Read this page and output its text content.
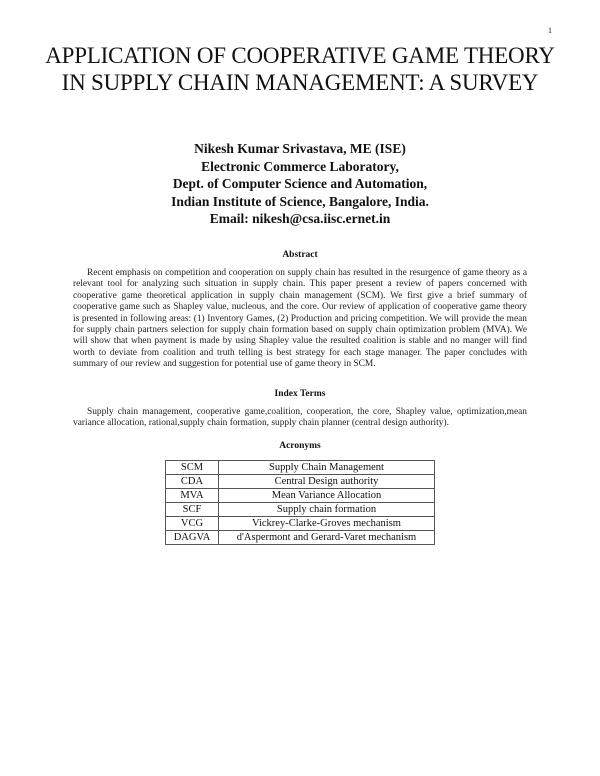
1
APPLICATION OF COOPERATIVE GAME THEORY IN SUPPLY CHAIN MANAGEMENT: A SURVEY
Nikesh Kumar Srivastava, ME (ISE)
Electronic Commerce Laboratory,
Dept. of Computer Science and Automation,
Indian Institute of Science, Bangalore, India.
Email: nikesh@csa.iisc.ernet.in
Abstract
Recent emphasis on competition and cooperation on supply chain has resulted in the resurgence of game theory as a relevant tool for analyzing such situation in supply chain. This paper present a review of papers concerned with cooperative game theoretical application in supply chain management (SCM). We first give a brief summary of cooperative game such as Shapley value, nucleous, and the core. Our review of application of cooperative game theory is presented in following areas: (1) Inventory Games, (2) Production and pricing competition. We will provide the mean for supply chain partners selection for supply chain formation based on supply chain optimization problem (MVA). We will show that when payment is made by using Shapley value the resulted coalition is stable and no manger will find worth to deviate from coalition and truth telling is best strategy for each stage manager. The paper concludes with summary of our review and suggestion for potential use of game theory in SCM.
Index Terms
Supply chain management, cooperative game,coalition, cooperation, the core, Shapley value, optimization,mean variance allocation, rational,supply chain formation, supply chain planner (central design authority).
Acronyms
SCM	Supply Chain Management
CDA	Central Design authority
MVA	Mean Variance Allocation
SCF	Supply chain formation
VCG	Vickrey-Clarke-Groves mechanism
DAGVA	d'Aspermont and Gerard-Varet mechanism
